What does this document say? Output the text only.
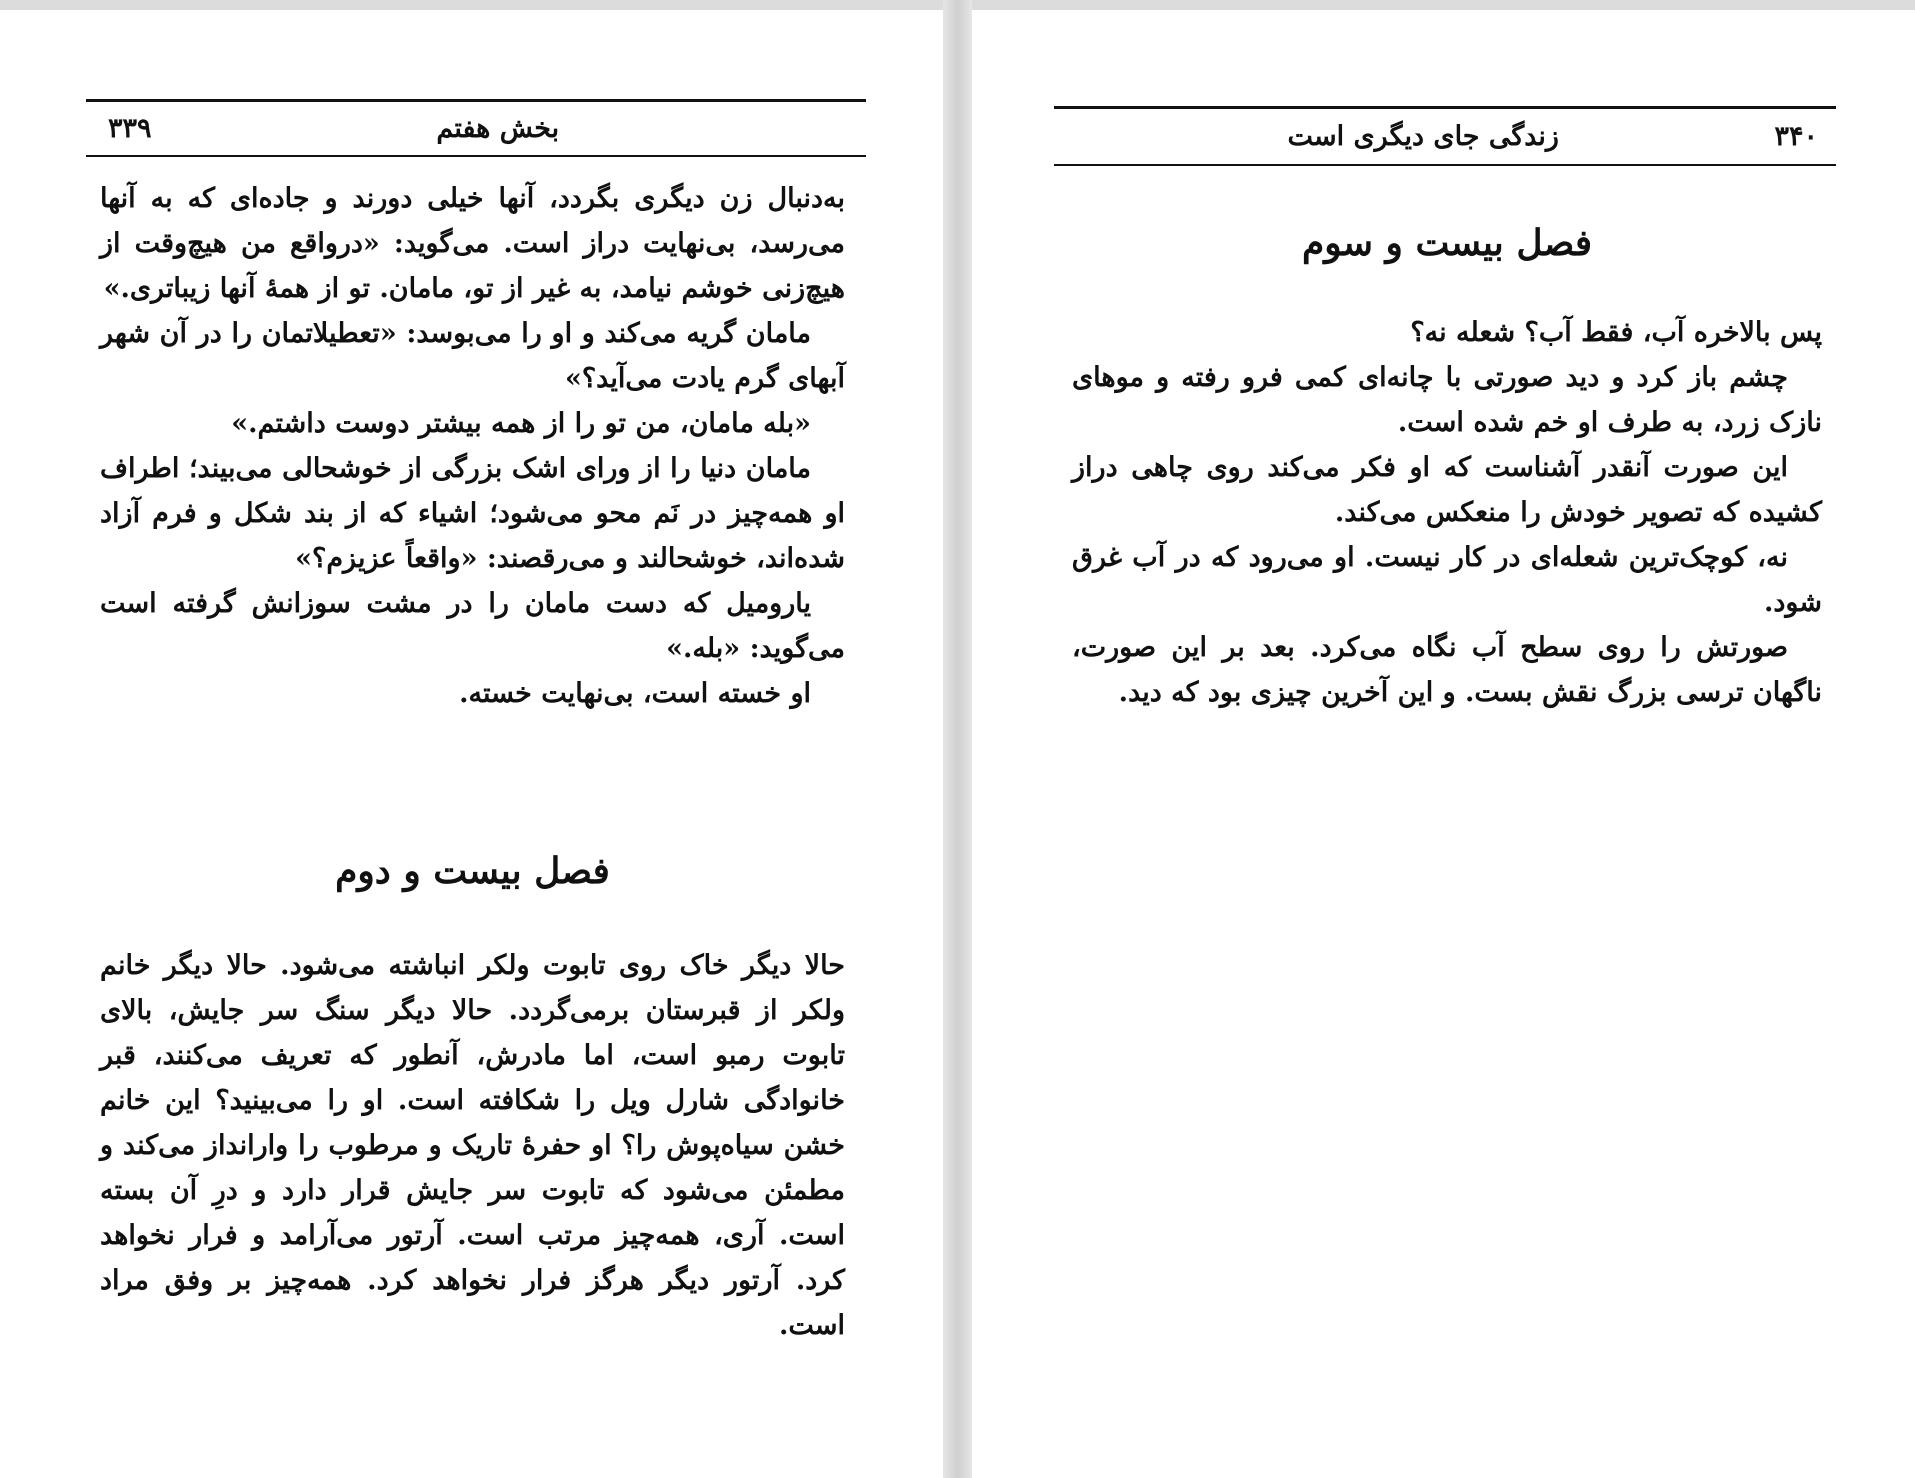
بخش هفتم
۳۳۹

به‌دنبال زن دیگری بگردد، آنها خیلی دورند و جاده‌ای که به آنها می‌رسد، بی‌نهایت دراز است. می‌گوید: «درواقع من هیچ‌وقت از هیچ‌زنی خوشم نیامد، به غیر از تو، مامان. تو از همهٔ آنها زیباتری.»

مامان گریه می‌کند و او را می‌بوسد: «تعطیلاتمان را در آن شهر آبهای گرم یادت می‌آید؟»

«بله مامان، من تو را از همه بیشتر دوست داشتم.»

مامان دنیا را از ورای اشک بزرگی از خوشحالی می‌بیند؛ اطراف او همه‌چیز در نَم محو می‌شود؛ اشیاء که از بند شکل و فرم آزاد شده‌اند، خوشحالند و می‌رقصند: «واقعاً عزیزم؟»

یارومیل که دست مامان را در مشت سوزانش گرفته است می‌گوید: «بله.»

او خسته است، بی‌نهایت خسته.

فصل بیست و دوم

حالا دیگر خاک روی تابوت ولکر انباشته می‌شود. حالا دیگر خانم ولکر از قبرستان برمی‌گردد. حالا دیگر سنگ سر جایش، بالای تابوت رمبو است، اما مادرش، آنطور که تعریف می‌کنند، قبر خانوادگی شارل ویل را شکافته است. او را می‌بینید؟ این خانم خشن سیاه‌پوش را؟ او حفرهٔ تاریک و مرطوب را وارانداز می‌کند و مطمئن می‌شود که تابوت سر جایش قرار دارد و درِ آن بسته است. آری، همه‌چیز مرتب است. آرتور می‌آرامد و فرار نخواهد کرد. آرتور دیگر هرگز فرار نخواهد کرد. همه‌چیز بر وفق مراد است.

۳۴۰
زندگی جای دیگری است
فصل بیست و سوم

پس بالاخره آب، فقط آب؟ شعله نه؟

چشم باز کرد و دید صورتی با چانه‌ای کمی فرو رفته و موهای نازک زرد، به طرف او خم شده است.

این صورت آنقدر آشناست که او فکر می‌کند روی چاهی دراز کشیده که تصویر خودش را منعکس می‌کند.

نه، کوچک‌ترین شعله‌ای در کار نیست. او می‌رود که در آب غرق شود.

صورتش را روی سطح آب نگاه می‌کرد. بعد بر این صورت، ناگهان ترسی بزرگ نقش بست. و این آخرین چیزی بود که دید.
